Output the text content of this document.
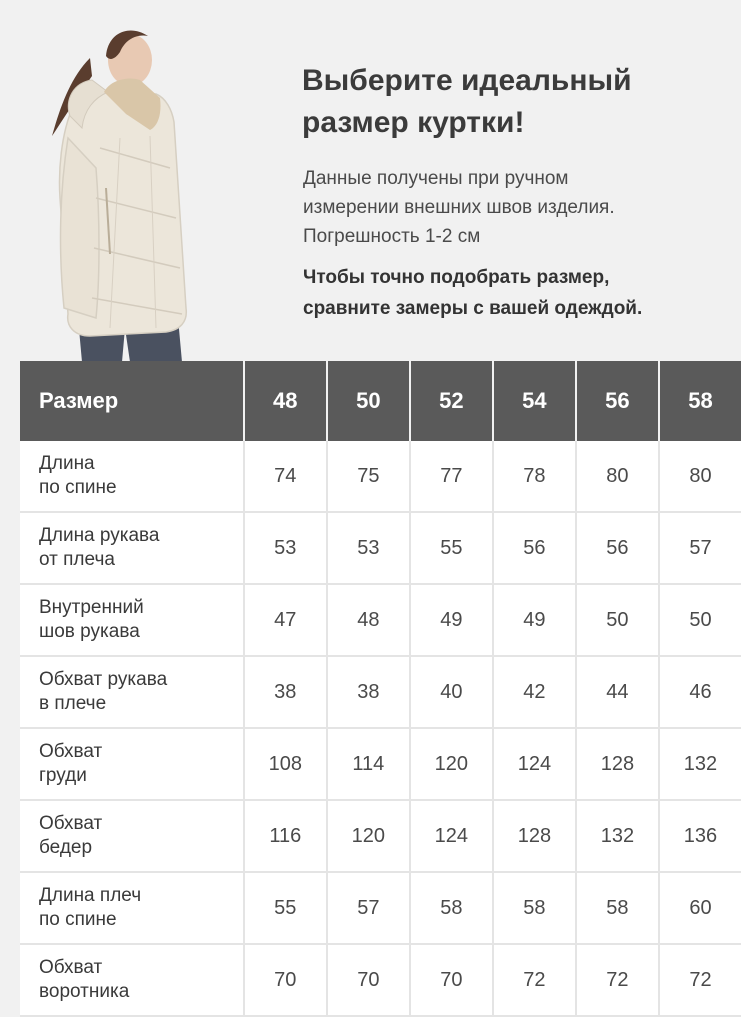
Выберите идеальный
размер куртки!
Данные получены при ручном
измерении внешних швов изделия.
Погрешность 1-2 см
Чтобы точно подобрать размер,
сравните замеры с вашей одеждой.
Размер	48	50	52	54	56	58

Длина
по спине	74	75	77	78	80	80

Длина рукава
от плеча	53	53	55	56	56	57

Внутренний
шов рукава	47	48	49	49	50	50

Обхват рукава
в плече	38	38	40	42	44	46

Обхват
груди	108	114	120	124	128	132

Обхват
бедер	116	120	124	128	132	136

Длина плеч
по спине	55	57	58	58	58	60

Обхват
воротника	70	70	70	72	72	72
